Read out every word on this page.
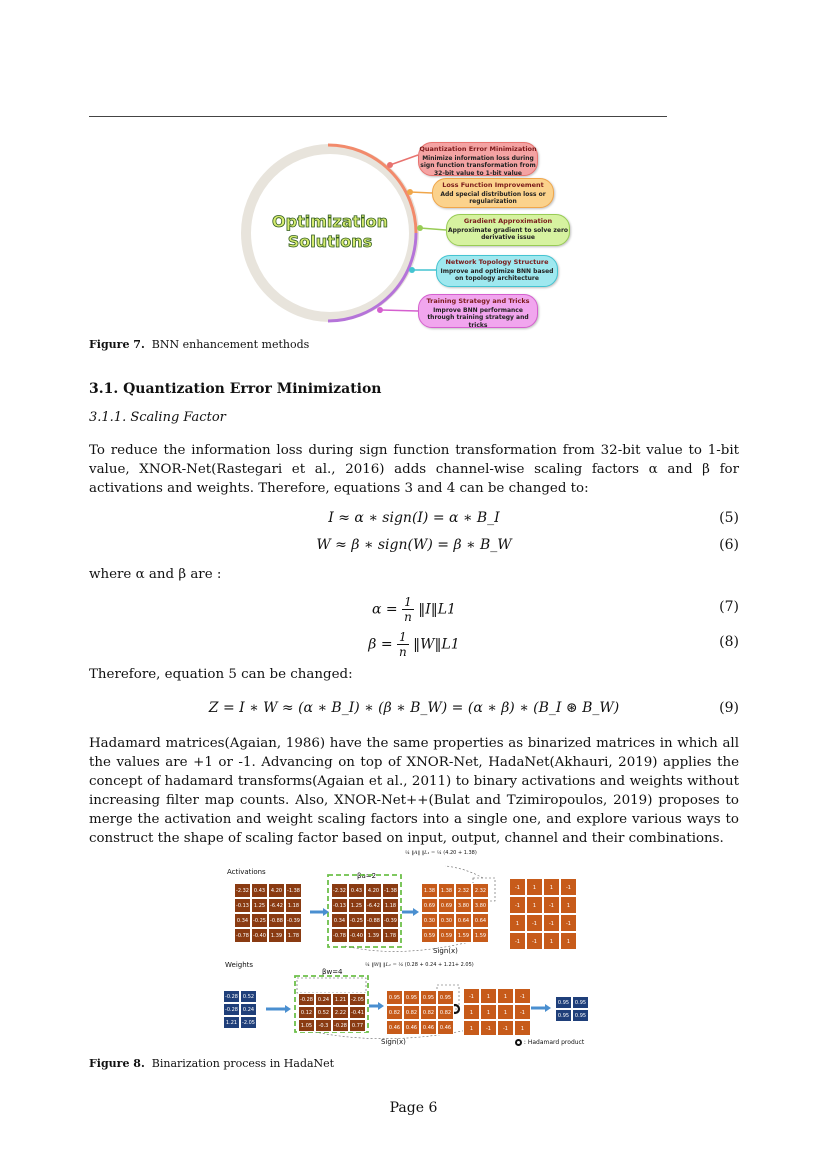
Optimization
Solutions
Quantization Error Minimization
Minimize information loss during sign function transformation from 32-bit value to 1-bit value
Loss Function Improvement
Add special distribution loss or regularization
Gradient Approximation
Approximate gradient to solve zero derivative issue
Network Topology Structure
Improve and optimize BNN based on topology architecture
Training Strategy and Tricks
Improve BNN performance through training strategy and tricks
Figure 7. BNN enhancement methods
3.1. Quantization Error Minimization
3.1.1. Scaling Factor
To reduce the information loss during sign function transformation from 32-bit value to 1-bit value, XNOR-Net(Rastegari et al., 2016) adds channel-wise scaling factors α and β for activations and weights. Therefore, equations 3 and 4 can be changed to:
I ≈ α ∗ sign(I) = α ∗ B_I	(5)
W ≈ β ∗ sign(W) = β ∗ B_W	(6)
where α and β are :
$\alpha = \frac{1}{n}$ ‖I‖L1	(7)
$\beta = \frac{1}{n}$ ‖W‖L1	(8)
Therefore, equation 5 can be changed:
Z = I ∗ W ≈ (α ∗ B_I) ∗ (β ∗ B_W) = (α ∗ β) ∗ (B_I ⊛ B_W)	(9)
Hadamard matrices(Agaian, 1986) have the same properties as binarized matrices in which all the values are +1 or -1. Advancing on top of XNOR-Net, HadaNet(Akhauri, 2019) applies the concept of hadamard transforms(Agaian et al., 2011) to binary activations and weights without increasing filter map counts. Also, XNOR-Net++(Bulat and Tzimiropoulos, 2019) proposes to merge the activation and weight scaling factors into a single one, and explore various ways to construct the shape of scaling factor based on input, output, channel and their combinations.
Activations
Weights
βa=2
βw=4
¼ ‖A‖ ‖L₁ = ¼ (4.20 + 1.38)
¼ ‖W‖ ‖L₁ = ¼ (0.28 + 0.24 + 1.21+ 2.05)
Sign(x)
Sign(x)	: Hadamard product
-2.32 0.43	4.20 -1.38
-0.13 1.25 -6.42 1.18
0.34 -0.25 -0.88 -0.39
-0.78 -0.40 1.39	1.78
-2.32 0.43	4.20 -1.38
-0.13 1.25 -6.42 1.18
0.34 -0.25 -0.88 -0.39
-0.78 -0.40 1.39	1.78
1.38	1.38	2.32	2.32
0.69	0.69	3.80	3.80
0.30	0.30	0.64	0.64
0.59	0.59	1.59	1.59
-1	1	1	-1
-1	1	-1	1
1	-1	-1	-1
-1	-1	1	1
-0.28 0.52
-0.28 0.24
1.21 -2.05
-0.28 0.24	1.21 -2.05
0.12	0.52	2.22 -0.41
1.05	-0.3	-0.28 0.77
0.95	0.95	0.95	0.95
0.82	0.82	0.82	0.82
0.46	0.46	0.46	0.46
-1	1	1	-1
1	1	1	-1
1	-1	-1	1
0.95	0.95
0.95	0.95
Figure 8. Binarization process in HadaNet
Page 6
